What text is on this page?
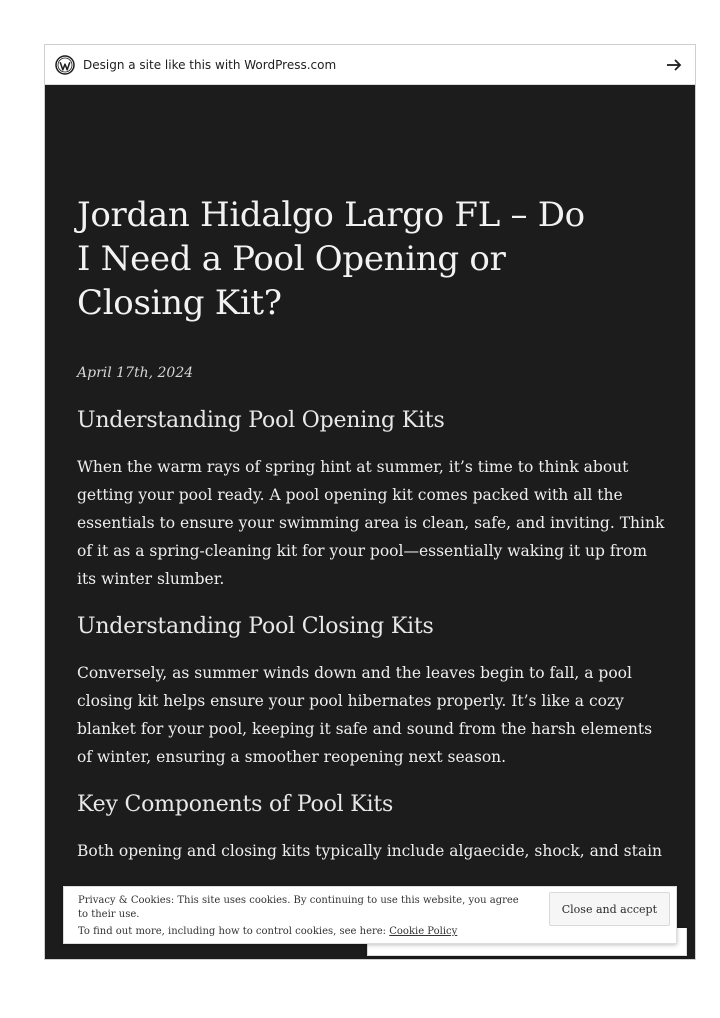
Design a site like this with WordPress.com
Jordan Hidalgo Largo FL – Do I Need a Pool Opening or Closing Kit?
April 17th, 2024
Understanding Pool Opening Kits

When the warm rays of spring hint at summer, it’s time to think about getting your pool ready. A pool opening kit comes packed with all the essentials to ensure your swimming area is clean, safe, and inviting. Think of it as a spring-cleaning kit for your pool—essentially waking it up from its winter slumber.

Understanding Pool Closing Kits

Conversely, as summer winds down and the leaves begin to fall, a pool closing kit helps ensure your pool hibernates properly. It’s like a cozy blanket for your pool, keeping it safe and sound from the harsh elements of winter, ensuring a smoother reopening next season.

Key Components of Pool Kits

Both opening and closing kits typically include algaecide, shock, and stain

Privacy & Cookies: This site uses cookies. By continuing to use this website, you agree to their use.
To find out more, including how to control cookies, see here: Cookie Policy
Close and accept
